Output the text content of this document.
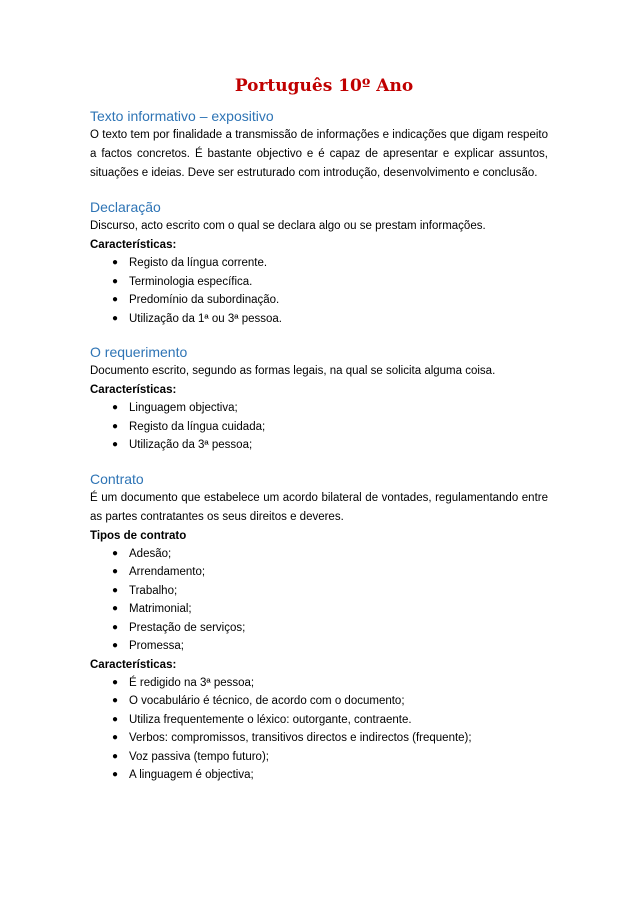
Português 10º Ano
Texto informativo – expositivo

O texto tem por finalidade a transmissão de informações e indicações que digam respeito a factos concretos. É bastante objectivo e é capaz de apresentar e explicar assuntos, situações e ideias. Deve ser estruturado com introdução, desenvolvimento e conclusão.

Declaração

Discurso, acto escrito com o qual se declara algo ou se prestam informações.

Características:

● Registo da língua corrente.
● Terminologia específica.
● Predomínio da subordinação.
● Utilização da 1ª ou 3ª pessoa.
O requerimento

Documento escrito, segundo as formas legais, na qual se solicita alguma coisa.

Características:

● Linguagem objectiva;
● Registo da língua cuidada;
● Utilização da 3ª pessoa;
Contrato

É um documento que estabelece um acordo bilateral de vontades, regulamentando entre as partes contratantes os seus direitos e deveres.

Tipos de contrato

● Adesão;
● Arrendamento;
● Trabalho;
● Matrimonial;
● Prestação de serviços;
● Promessa;

Características:

● É redigido na 3ª pessoa;
● O vocabulário é técnico, de acordo com o documento;
● Utiliza frequentemente o léxico: outorgante, contraente.
● Verbos: compromissos, transitivos directos e indirectos (frequente);
● Voz passiva (tempo futuro);
● A linguagem é objectiva;
